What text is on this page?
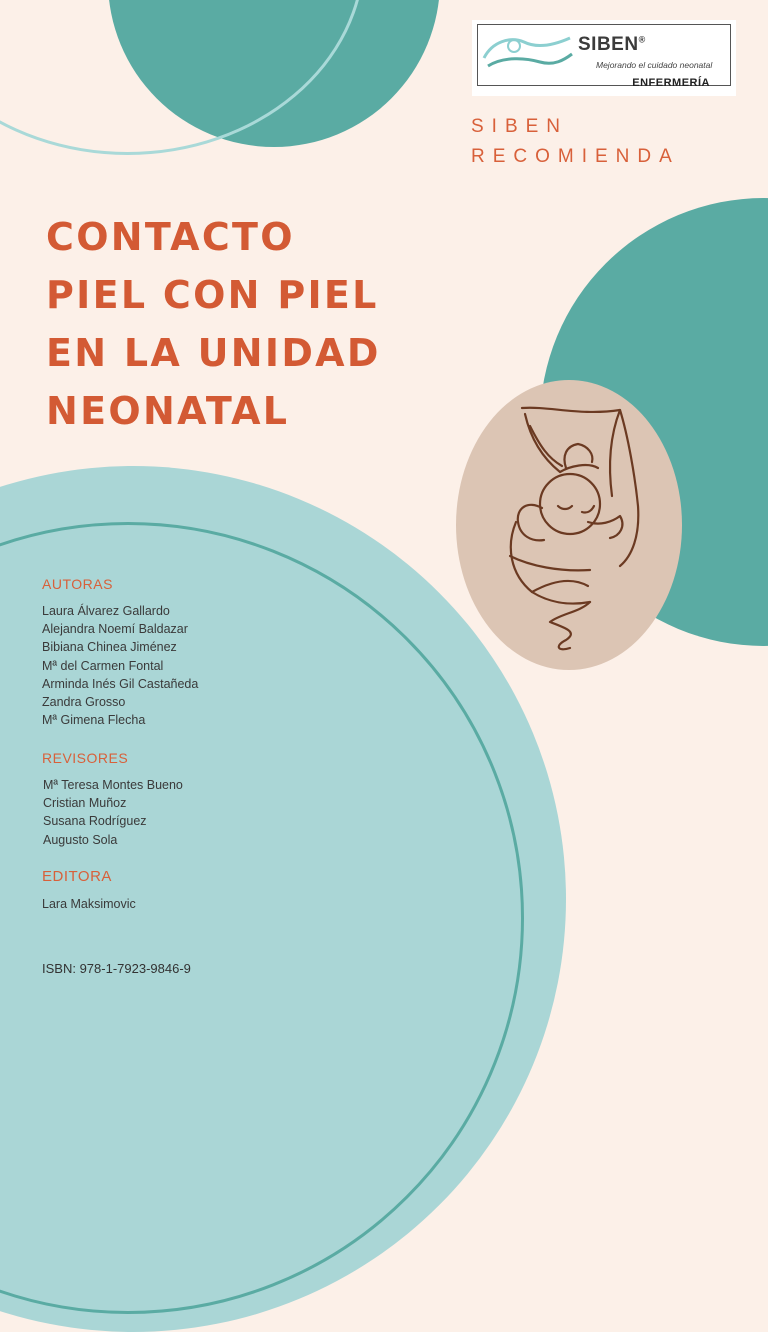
SIBEN®
Mejorando el cuidado neonatal
ENFERMERÍA
SIBEN
RECOMIENDA
CONTACTO
PIEL CON PIEL
EN LA UNIDAD
NEONATAL
AUTORAS
Laura Álvarez Gallardo
Alejandra Noemí Baldazar
Bibiana Chinea Jiménez
Mª del Carmen Fontal
Arminda Inés Gil Castañeda
Zandra Grosso
Mª Gimena Flecha
REVISORES
Mª Teresa Montes Bueno
Cristian Muñoz
Susana Rodríguez
Augusto Sola
EDITORA
Lara Maksimovic
ISBN: 978-1-7923-9846-9
